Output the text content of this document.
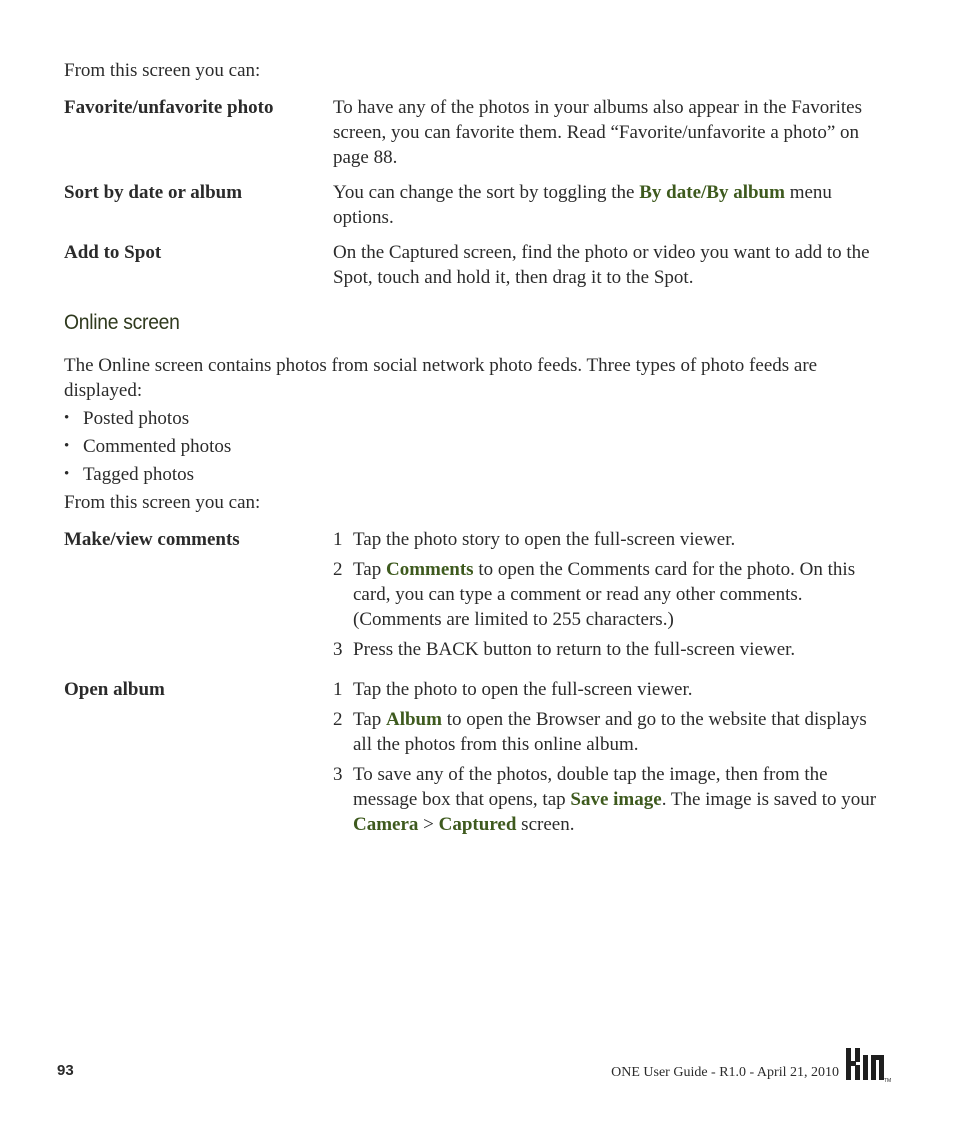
From this screen you can:

Favorite/unfavorite photo	To have any of the photos in your albums also appear in the Favorites screen, you can favorite them. Read “Favorite/unfavorite a photo” on page 88.
Sort by date or album	You can change the sort by toggling the By date/By album menu options.
Add to Spot	On the Captured screen, find the photo or video you want to add to the Spot, touch and hold it, then drag it to the Spot.
Online screen

The Online screen contains photos from social network photo feeds. Three types of photo feeds are displayed:

• Posted photos
• Commented photos
• Tagged photos

From this screen you can:

Make/view comments	1 Tap the photo story to open the full-screen viewer.
2 Tap Comments to open the Comments card for the photo. On this card, you can type a comment or read any other comments. (Comments are limited to 255 characters.)
3 Press the BACK button to return to the full-screen viewer.
Open album	1 Tap the photo to open the full-screen viewer.
2 Tap Album to open the Browser and go to the website that displays all the photos from this online album.
3 To save any of the photos, double tap the image, then from the message box that opens, tap Save image. The image is saved to your Camera > Captured screen.
93	ONE User Guide - R1.0 - April 21, 2010
TM
